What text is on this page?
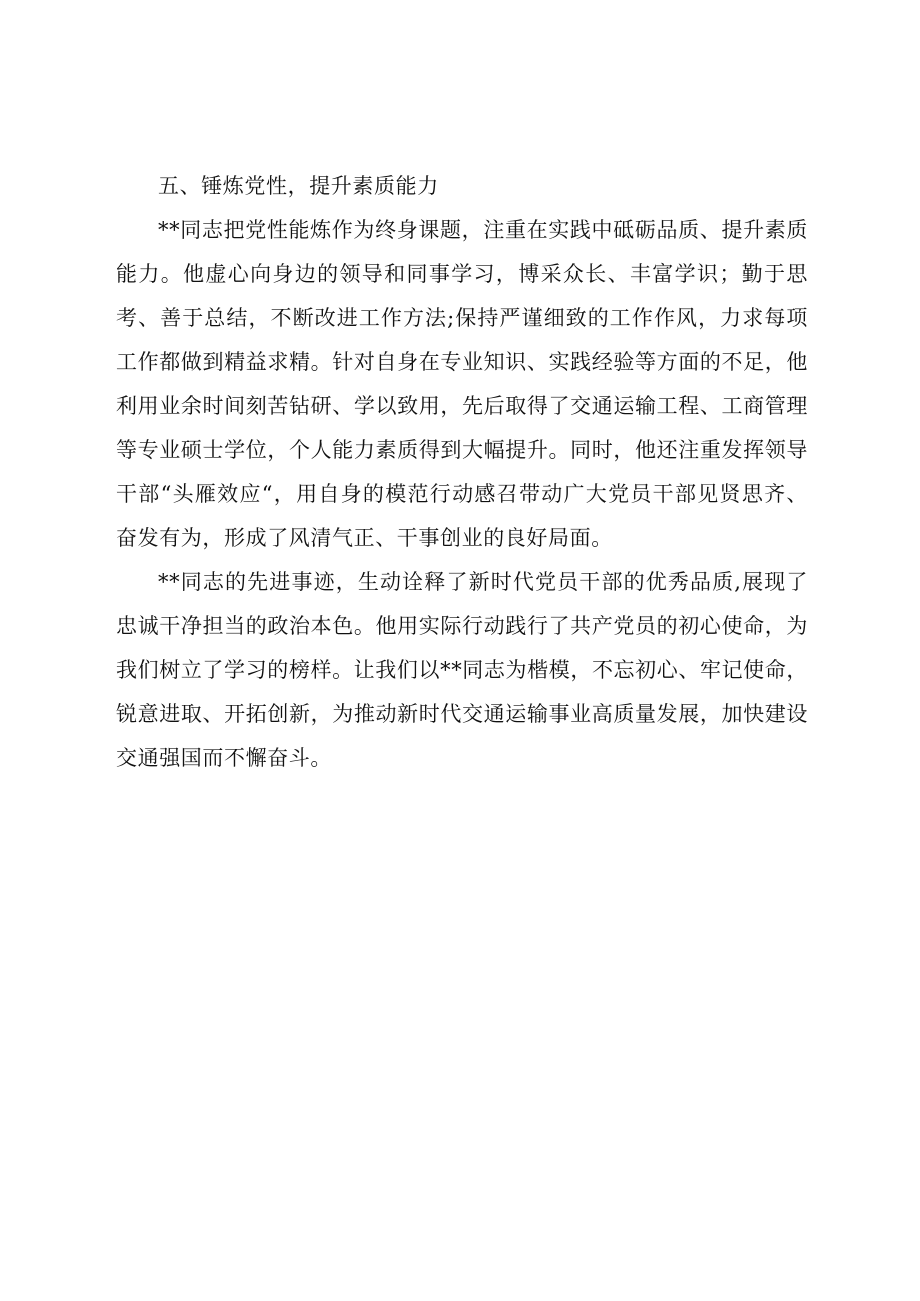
五、锤炼党性，提升素质能力

**同志把党性能炼作为终身课题，注重在实践中砥砺品质、提升素质能力。他虚心向身边的领导和同事学习，博采众长、丰富学识；勤于思考、善于总结，不断改进工作方法;保持严谨细致的工作作风，力求每项工作都做到精益求精。针对自身在专业知识、实践经验等方面的不足，他利用业余时间刻苦钻研、学以致用，先后取得了交通运输工程、工商管理等专业硕士学位，个人能力素质得到大幅提升。同时，他还注重发挥领导干部“头雁效应“，用自身的模范行动感召带动广大党员干部见贤思齐、奋发有为，形成了风清气正、干事创业的良好局面。

**同志的先进事迹，生动诠释了新时代党员干部的优秀品质,展现了忠诚干净担当的政治本色。他用实际行动践行了共产党员的初心使命，为我们树立了学习的榜样。让我们以**同志为楷模，不忘初心、牢记使命，锐意进取、开拓创新，为推动新时代交通运输事业高质量发展，加快建设交通强国而不懈奋斗。
